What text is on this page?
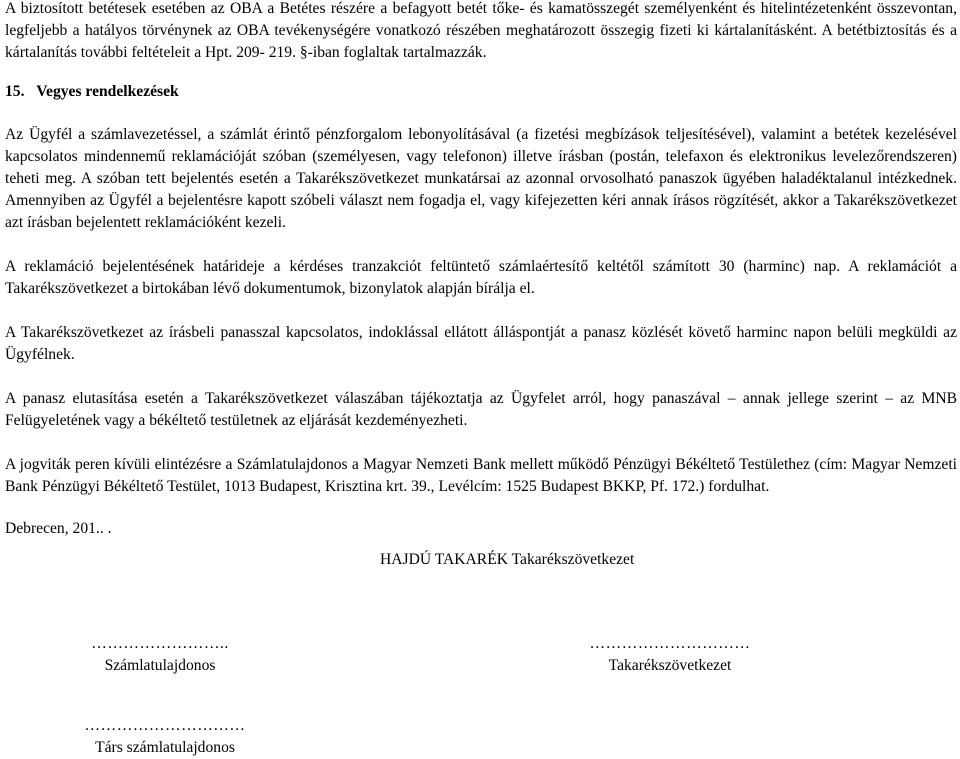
A biztosított betétesek esetében az OBA a Betétes részére a befagyott betét tőke- és kamatösszegét személyenként és hitelintézetenként összevontan, legfeljebb a hatályos törvénynek az OBA tevékenységére vonatkozó részében meghatározott összegig fizeti ki kártalanításként. A betétbiztosítás és a kártalanítás további feltételeit a Hpt. 209- 219. §-iban foglaltak tartalmazzák.

15. Vegyes rendelkezések

Az Ügyfél a számlavezetéssel, a számlát érintő pénzforgalom lebonyolításával (a fizetési megbízások teljesítésével), valamint a betétek kezelésével kapcsolatos mindennemű reklamációját szóban (személyesen, vagy telefonon) illetve írásban (postán, telefaxon és elektronikus levelezőrendszeren) teheti meg. A szóban tett bejelentés esetén a Takarékszövetkezet munkatársai az azonnal orvosolható panaszok ügyében haladéktalanul intézkednek. Amennyiben az Ügyfél a bejelentésre kapott szóbeli választ nem fogadja el, vagy kifejezetten kéri annak írásos rögzítését, akkor a Takarékszövetkezet azt írásban bejelentett reklamációként kezeli.

A reklamáció bejelentésének határideje a kérdéses tranzakciót feltüntető számlaértesítő keltétől számított 30 (harminc) nap. A reklamációt a Takarékszövetkezet a birtokában lévő dokumentumok, bizonylatok alapján bírálja el.

A Takarékszövetkezet az írásbeli panasszal kapcsolatos, indoklással ellátott álláspontját a panasz közlését követő harminc napon belüli megküldi az Ügyfélnek.

A panasz elutasítása esetén a Takarékszövetkezet válaszában tájékoztatja az Ügyfelet arról, hogy panaszával ‒ annak jellege szerint ‒ az MNB Felügyeletének vagy a békéltető testületnek az eljárását kezdeményezheti.

A jogviták peren kívüli elintézésre a Számlatulajdonos a Magyar Nemzeti Bank mellett működő Pénzügyi Békéltető Testülethez (cím: Magyar Nemzeti Bank Pénzügyi Békéltető Testület, 1013 Budapest, Krisztina krt. 39., Levélcím: 1525 Budapest BKKP, Pf. 172.) fordulhat.

Debrecen, 201.. .

HAJDÚ TAKARÉK Takarékszövetkezet
……………………..
Számlatulajdonos
…………………………
Takarékszövetkezet
…………………………
Társ számlatulajdonos
